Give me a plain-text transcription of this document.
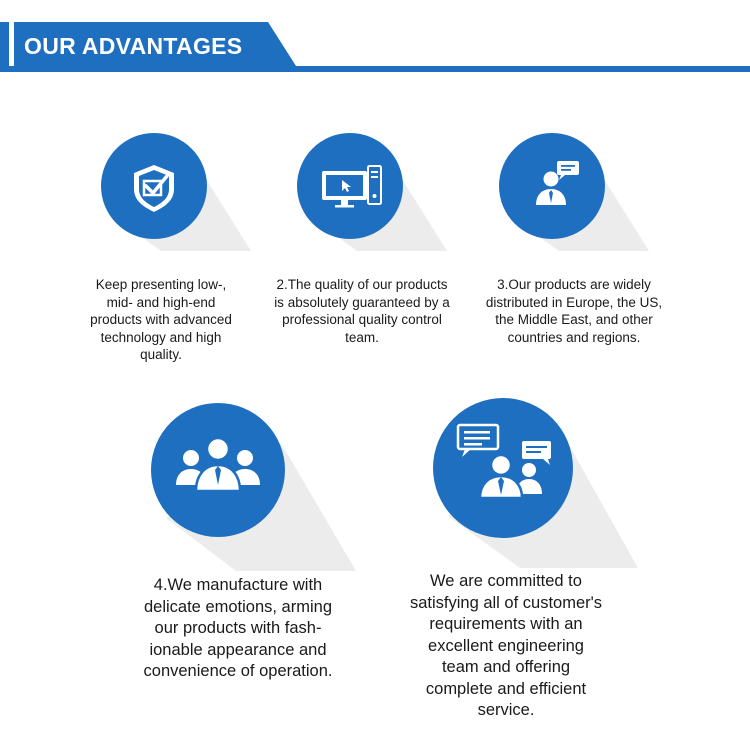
OUR ADVANTAGES

Keep presenting low-,
mid- and high-end
products with advanced
technology and high
quality.

2.The quality of our products
is absolutely guaranteed by a
professional quality control
team.

3.Our products are widely
distributed in Europe, the US,
the Middle East, and other
countries and regions.

4.We manufacture with
delicate emotions, arming
our products with fash-
ionable appearance and
convenience of operation.

We are committed to
satisfying all of customer's
requirements with an
excellent engineering
team and offering
complete and efficient
service.
